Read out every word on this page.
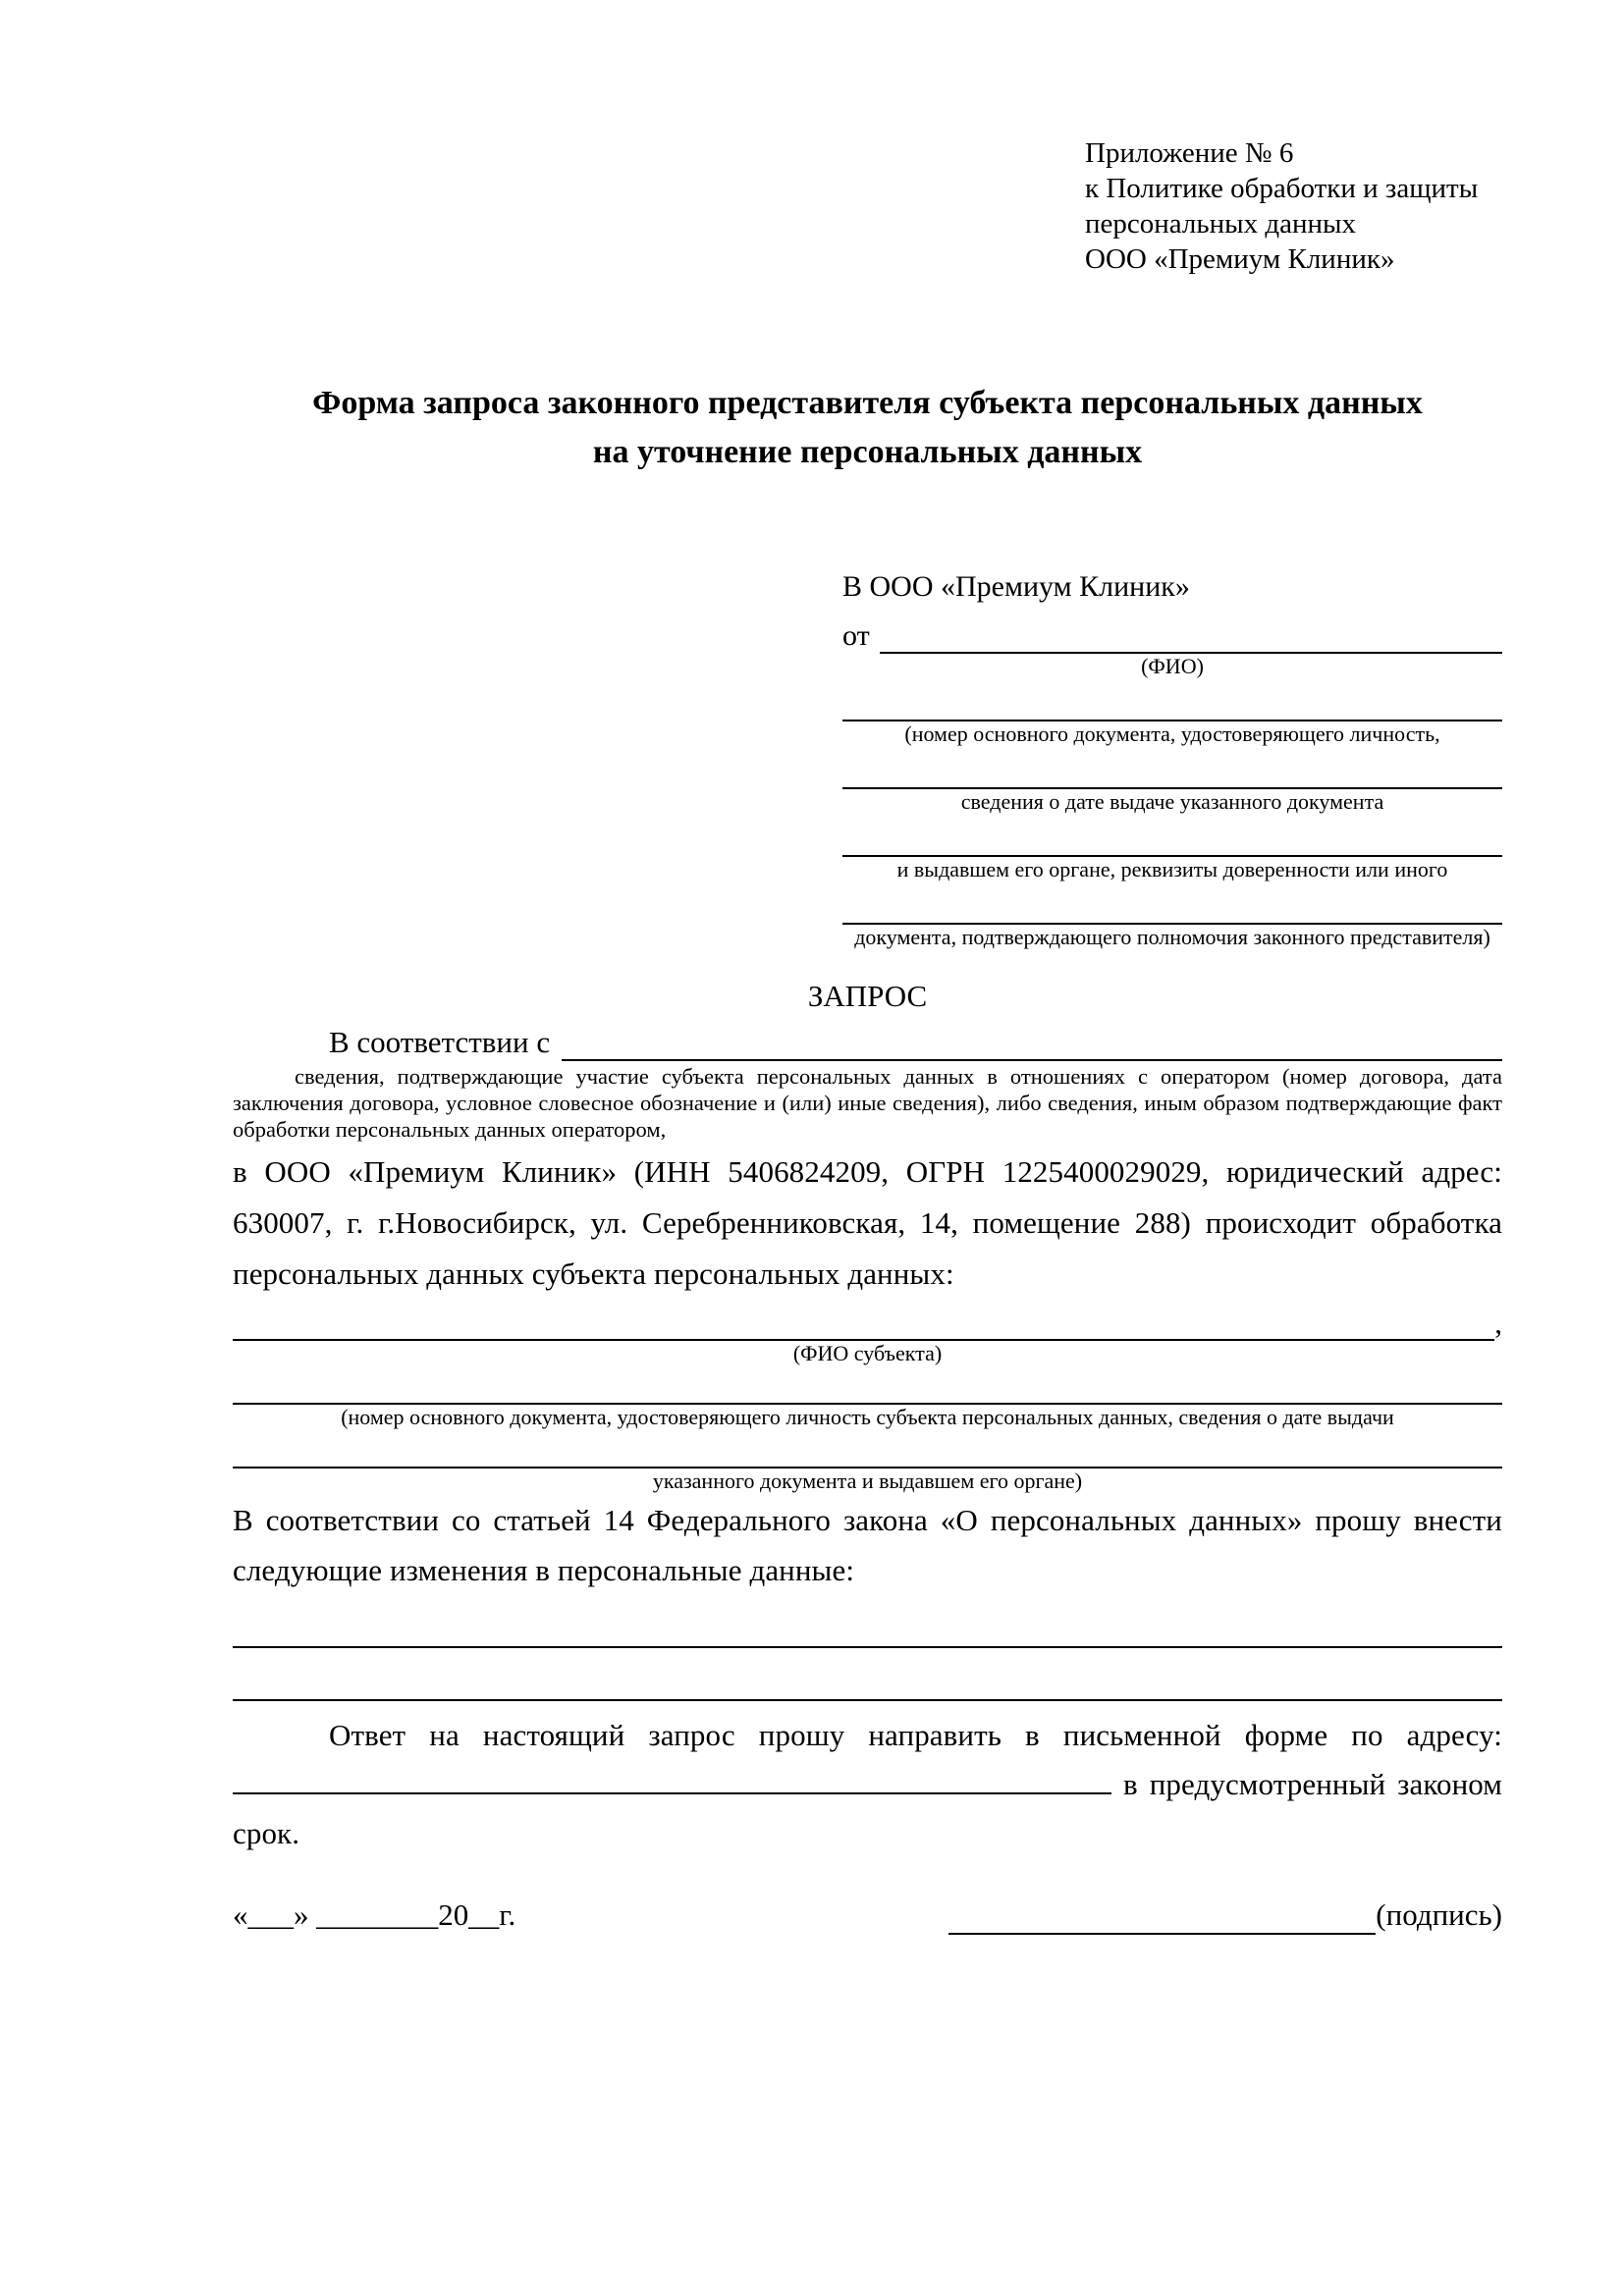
Приложение № 6
к Политике обработки и защиты
персональных данных
ООО «Премиум Клиник»
Форма запроса законного представителя субъекта персональных данных
на уточнение персональных данных
В ООО «Премиум Клиник»
от
(ФИО)
(номер основного документа, удостоверяющего личность,
сведения о дате выдаче указанного документа
и выдавшем его органе, реквизиты доверенности или иного
документа, подтверждающего полномочия законного представителя)
ЗАПРОС
В соответствии с
сведения, подтверждающие участие субъекта персональных данных в отношениях с оператором (номер договора, дата заключения договора, условное словесное обозначение и (или) иные сведения), либо сведения, иным образом подтверждающие факт обработки персональных данных оператором,
в ООО «Премиум Клиник» (ИНН 5406824209, ОГРН 1225400029029, юридический адрес: 630007, г. г.Новосибирск, ул. Серебренниковская, 14, помещение 288) происходит обработка персональных данных субъекта персональных данных:
,
(ФИО субъекта)
(номер основного документа, удостоверяющего личность субъекта персональных данных, сведения о дате выдачи
указанного документа и выдавшем его органе)
В соответствии со статьей 14 Федерального закона «О персональных данных» прошу внести следующие изменения в персональные данные:
Ответ на настоящий запрос прошу направить в письменной форме по адресу:  в предусмотренный законом срок.
«___» ________20__г.	(подпись)
